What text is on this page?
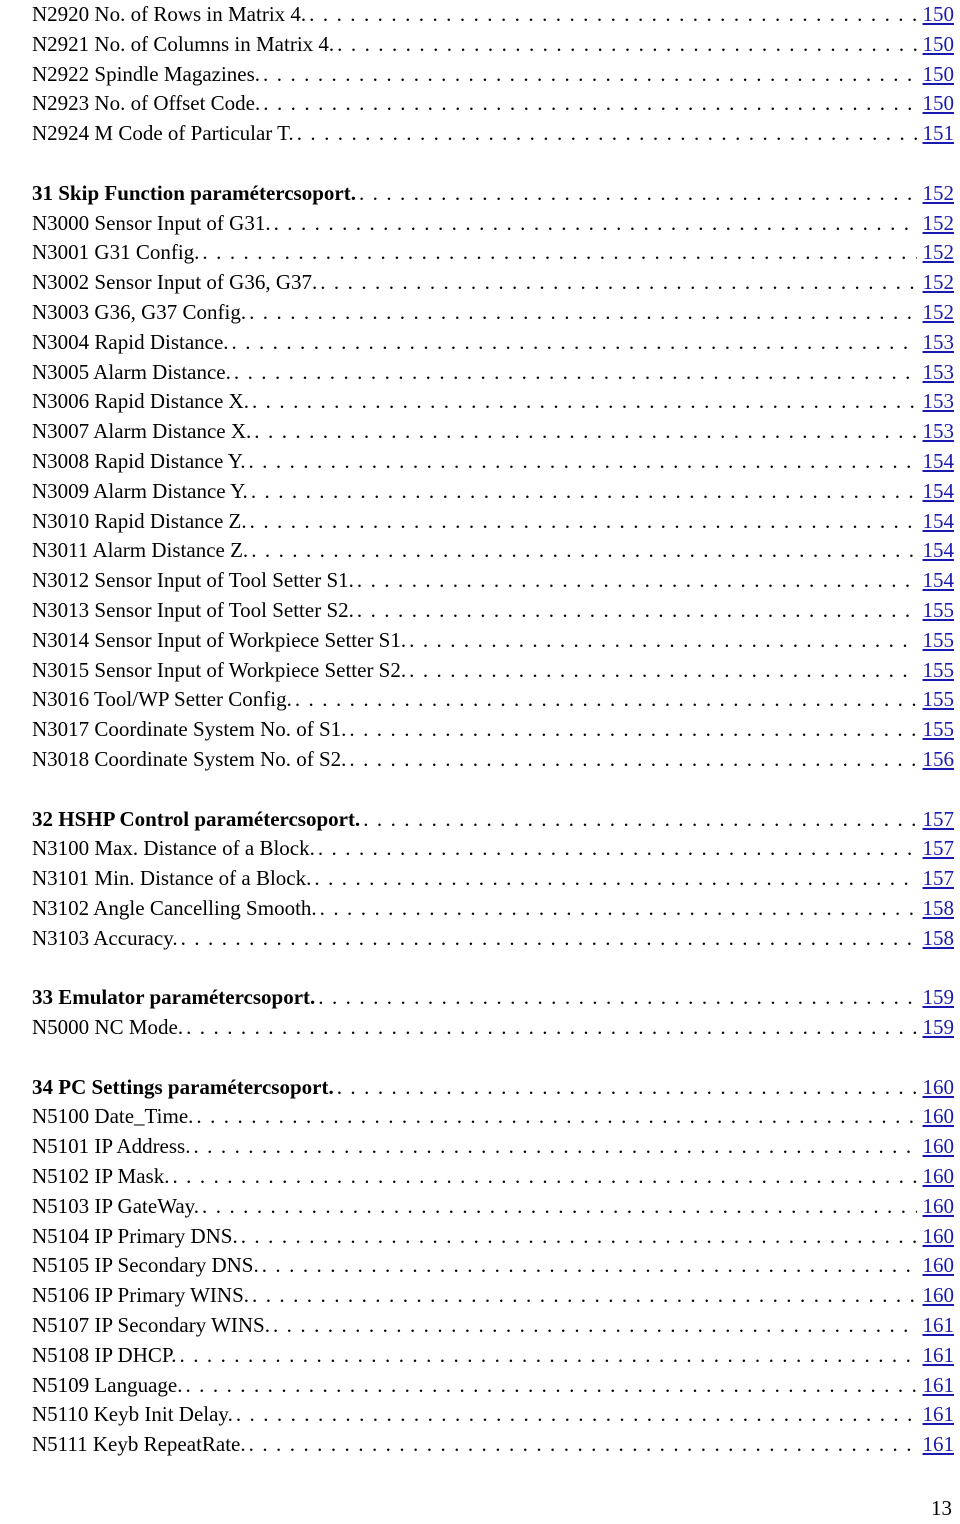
N2920 No. of Rows in Matrix 4. . . .	150
N2921 No. of Columns in Matrix 4. . . .	150
N2922 Spindle Magazines. . . .	150
N2923 No. of Offset Code. . . .	150
N2924 M Code of Particular T. . . .	151
31 Skip Function paramétercsoport. . . .	152
N3000 Sensor Input of G31. . . .	152
N3001 G31 Config. . . .	152
N3002 Sensor Input of G36, G37. . . .	152
N3003 G36, G37 Config. . . .	152
N3004 Rapid Distance. . . .	153
N3005 Alarm Distance. . . .	153
N3006 Rapid Distance X. . . .	153
N3007 Alarm Distance X. . . .	153
N3008 Rapid Distance Y. . . .	154
N3009 Alarm Distance Y. . . .	154
N3010 Rapid Distance Z. . . .	154
N3011 Alarm Distance Z. . . .	154
N3012 Sensor Input of Tool Setter S1. . . .	154
N3013 Sensor Input of Tool Setter S2. . . .	155
N3014 Sensor Input of Workpiece Setter S1. . . .	155
N3015 Sensor Input of Workpiece Setter S2. . . .	155
N3016 Tool/WP Setter Config. . . .	155
N3017 Coordinate System No. of S1. . . .	155
N3018 Coordinate System No. of S2. . . .	156
32 HSHP Control paramétercsoport. . . .	157
N3100 Max. Distance of a Block. . . .	157
N3101 Min. Distance of a Block. . . .	157
N3102 Angle Cancelling Smooth. . . .	158
N3103 Accuracy. . . .	158
33 Emulator paramétercsoport. . . .	159
N5000 NC Mode. . . .	159
34 PC Settings paramétercsoport. . . .	160
N5100 Date_Time. . . .	160
N5101 IP Address. . . .	160
N5102 IP Mask. . . .	160
N5103 IP GateWay. . . .	160
N5104 IP Primary DNS. . . .	160
N5105 IP Secondary DNS. . . .	160
N5106 IP Primary WINS. . . .	160
N5107 IP Secondary WINS. . . .	161
N5108 IP DHCP. . . .	161
N5109 Language. . . .	161
N5110 Keyb Init Delay. . . .	161
N5111 Keyb RepeatRate. . . .	161
13
